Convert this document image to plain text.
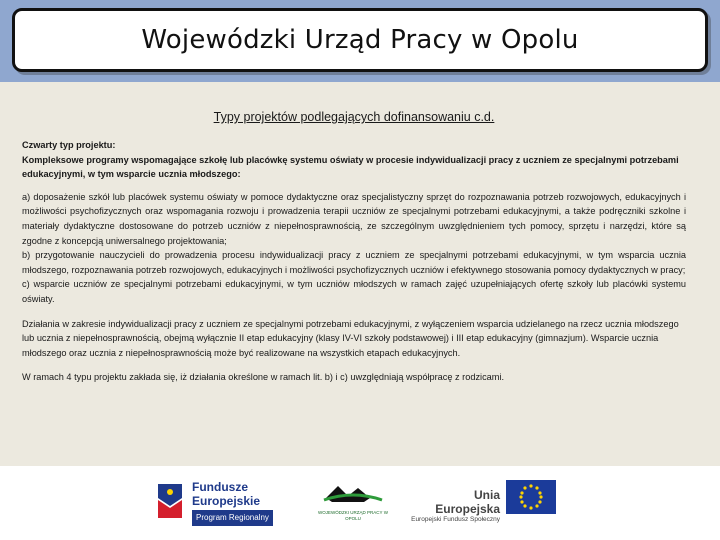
Wojewódzki Urząd Pracy w Opolu
Typy projektów podlegających dofinansowaniu c.d.

Czwarty typ projektu:

Kompleksowe programy wspomagające szkołę lub placówkę systemu oświaty w procesie indywidualizacji pracy z uczniem ze specjalnymi potrzebami edukacyjnymi, w tym wsparcie ucznia młodszego:

a) doposażenie szkół lub placówek systemu oświaty w pomoce dydaktyczne oraz specjalistyczny sprzęt do rozpoznawania potrzeb rozwojowych, edukacyjnych i możliwości psychofizycznych oraz wspomagania rozwoju i prowadzenia terapii uczniów ze specjalnymi potrzebami edukacyjnymi, a także podręczniki szkolne i materiały dydaktyczne dostosowane do potrzeb uczniów z niepełnosprawnością, ze szczególnym uwzględnieniem tych pomocy, sprzętu i narzędzi, które są zgodne z koncepcją uniwersalnego projektowania;

b) przygotowanie nauczycieli do prowadzenia procesu indywidualizacji pracy z uczniem ze specjalnymi potrzebami edukacyjnymi, w tym wsparcia ucznia młodszego, rozpoznawania potrzeb rozwojowych, edukacyjnych i możliwości psychofizycznych uczniów i efektywnego stosowania pomocy dydaktycznych w pracy;

c) wsparcie uczniów ze specjalnymi potrzebami edukacyjnymi, w tym uczniów młodszych w ramach zajęć uzupełniających ofertę szkoły lub placówki systemu oświaty.

Działania w zakresie indywidualizacji pracy z uczniem ze specjalnymi potrzebami edukacyjnymi, z wyłączeniem wsparcia udzielanego na rzecz ucznia młodszego lub ucznia z niepełnosprawnością, obejmą wyłącznie II etap edukacyjny (klasy IV-VI szkoły podstawowej) i III etap edukacyjny (gimnazjum). Wsparcie ucznia młodszego oraz ucznia z niepełnosprawnością może być realizowane na wszystkich etapach edukacyjnych.

W ramach 4 typu projektu zakłada się, iż działania określone w ramach lit. b) i c) uwzględniają współpracę z rodzicami.

Fundusze
Europejskie
Program Regionalny
WOJEWÓDZKI URZĄD PRACY W OPOLU
Unia Europejska
Europejski Fundusz Społeczny
